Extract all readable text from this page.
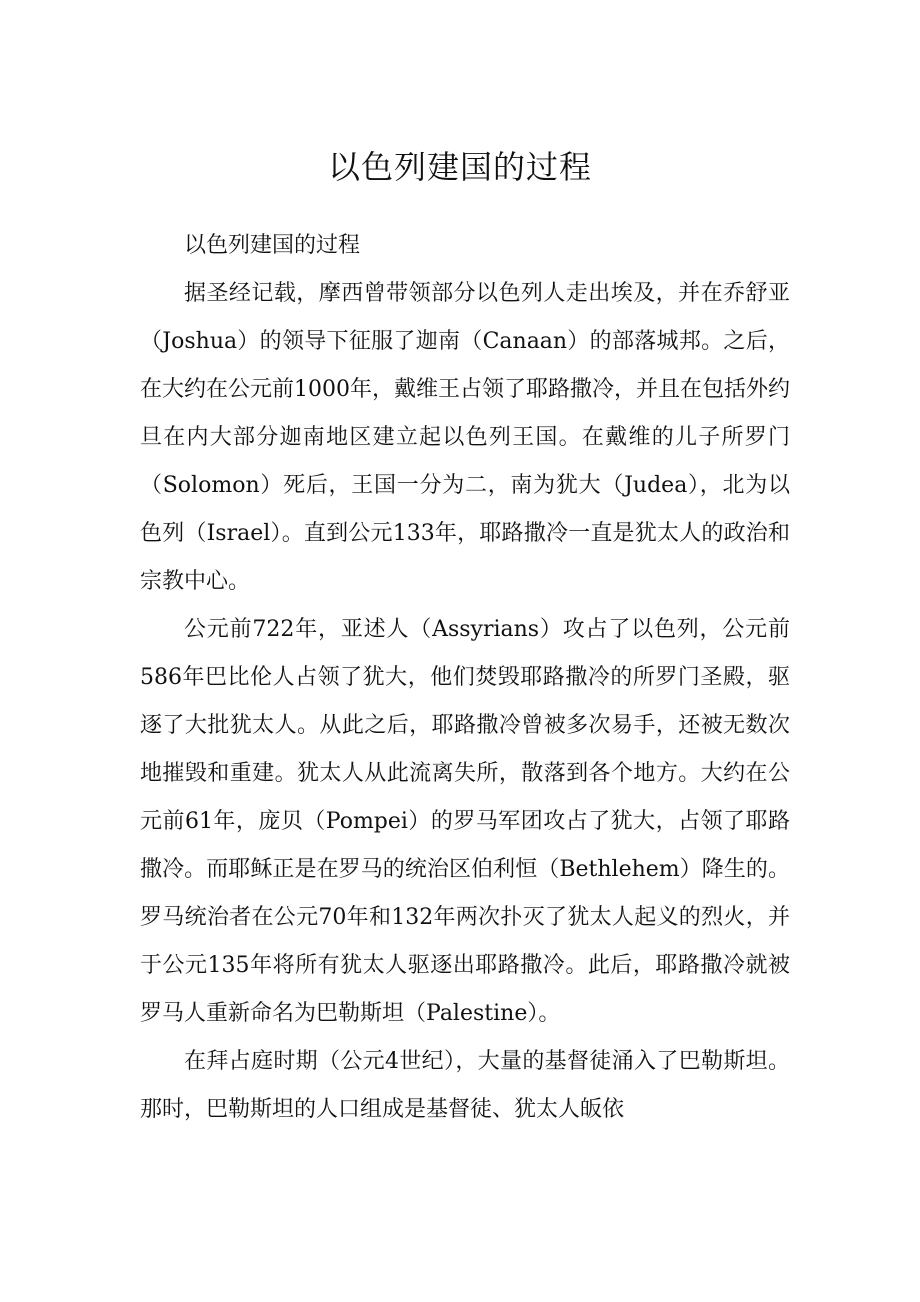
以色列建国的过程

以色列建国的过程

据圣经记载，摩西曾带领部分以色列人走出埃及，并在乔舒亚（Joshua）的领导下征服了迦南（Canaan）的部落城邦。之后，在大约在公元前1000年，戴维王占领了耶路撒冷，并且在包括外约旦在内大部分迦南地区建立起以色列王国。在戴维的儿子所罗门（Solomon）死后，王国一分为二，南为犹大（Judea），北为以色列（Israel）。直到公元133年，耶路撒冷一直是犹太人的政治和宗教中心。

公元前722年，亚述人（Assyrians）攻占了以色列，公元前586年巴比伦人占领了犹大，他们焚毁耶路撒冷的所罗门圣殿，驱逐了大批犹太人。从此之后，耶路撒冷曾被多次易手，还被无数次地摧毁和重建。犹太人从此流离失所，散落到各个地方。大约在公元前61年，庞贝（Pompei）的罗马军团攻占了犹大，占领了耶路撒冷。而耶稣正是在罗马的统治区伯利恒（Bethlehem）降生的。罗马统治者在公元70年和132年两次扑灭了犹太人起义的烈火，并于公元135年将所有犹太人驱逐出耶路撒冷。此后，耶路撒冷就被罗马人重新命名为巴勒斯坦（Palestine）。

在拜占庭时期（公元4世纪），大量的基督徒涌入了巴勒斯坦。那时，巴勒斯坦的人口组成是基督徒、犹太人皈依
